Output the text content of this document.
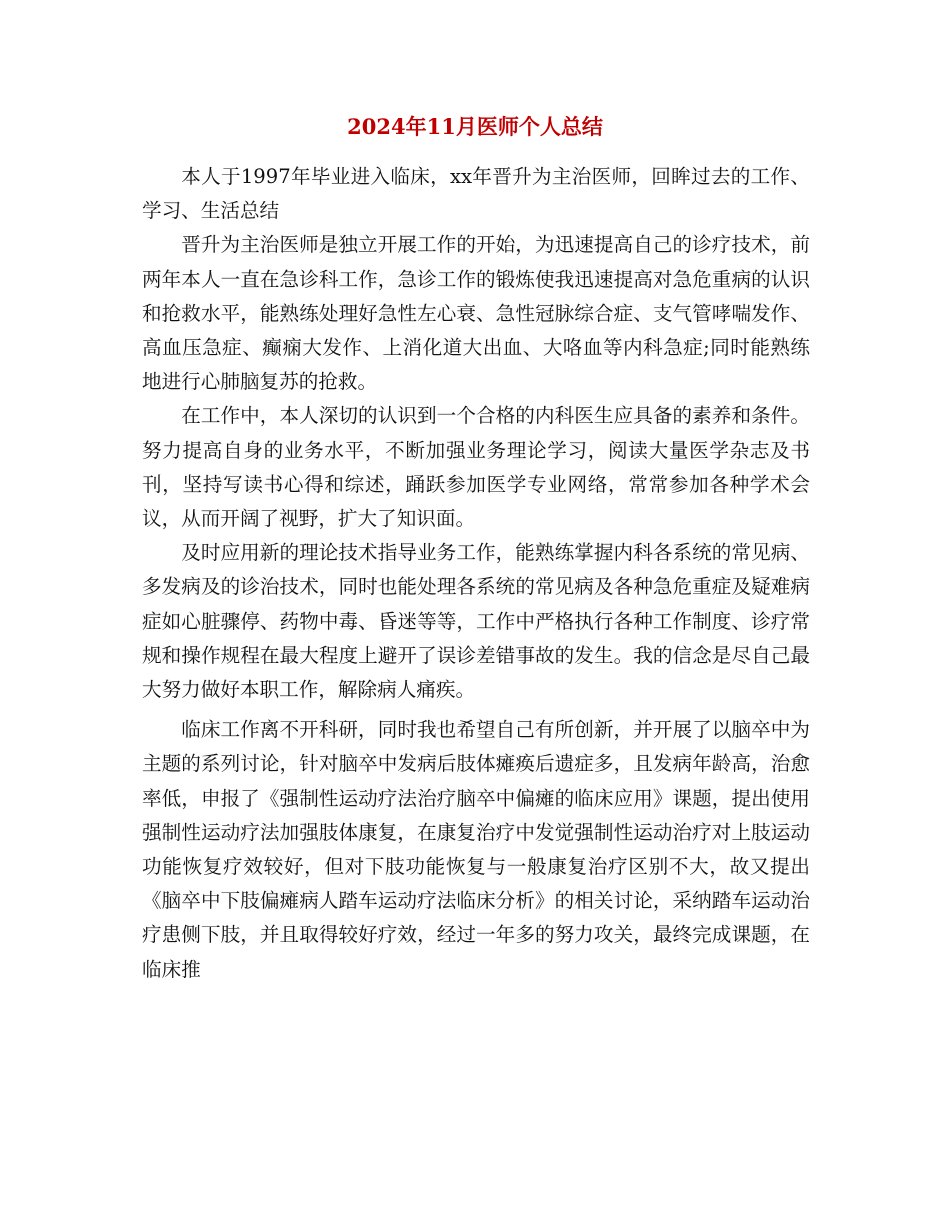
2024年11月医师个人总结

本人于1997年毕业进入临床，xx年晋升为主治医师，回眸过去的工作、学习、生活总结

晋升为主治医师是独立开展工作的开始，为迅速提高自己的诊疗技术，前两年本人一直在急诊科工作，急诊工作的锻炼使我迅速提高对急危重病的认识和抢救水平，能熟练处理好急性左心衰、急性冠脉综合症、支气管哮喘发作、高血压急症、癫痫大发作、上消化道大出血、大咯血等内科急症;同时能熟练地进行心肺脑复苏的抢救。

在工作中，本人深切的认识到一个合格的内科医生应具备的素养和条件。努力提高自身的业务水平，不断加强业务理论学习，阅读大量医学杂志及书刊，坚持写读书心得和综述，踊跃参加医学专业网络，常常参加各种学术会议，从而开阔了视野，扩大了知识面。

及时应用新的理论技术指导业务工作，能熟练掌握内科各系统的常见病、多发病及的诊治技术，同时也能处理各系统的常见病及各种急危重症及疑难病症如心脏骤停、药物中毒、昏迷等等，工作中严格执行各种工作制度、诊疗常规和操作规程在最大程度上避开了误诊差错事故的发生。我的信念是尽自己最大努力做好本职工作，解除病人痛疾。

临床工作离不开科研，同时我也希望自己有所创新，并开展了以脑卒中为主题的系列讨论，针对脑卒中发病后肢体瘫痪后遗症多，且发病年龄高，治愈率低，申报了《强制性运动疗法治疗脑卒中偏瘫的临床应用》课题，提出使用强制性运动疗法加强肢体康复，在康复治疗中发觉强制性运动治疗对上肢运动功能恢复疗效较好，但对下肢功能恢复与一般康复治疗区别不大，故又提出《脑卒中下肢偏瘫病人踏车运动疗法临床分析》的相关讨论，采纳踏车运动治疗患侧下肢，并且取得较好疗效，经过一年多的努力攻关，最终完成课题，在临床推
